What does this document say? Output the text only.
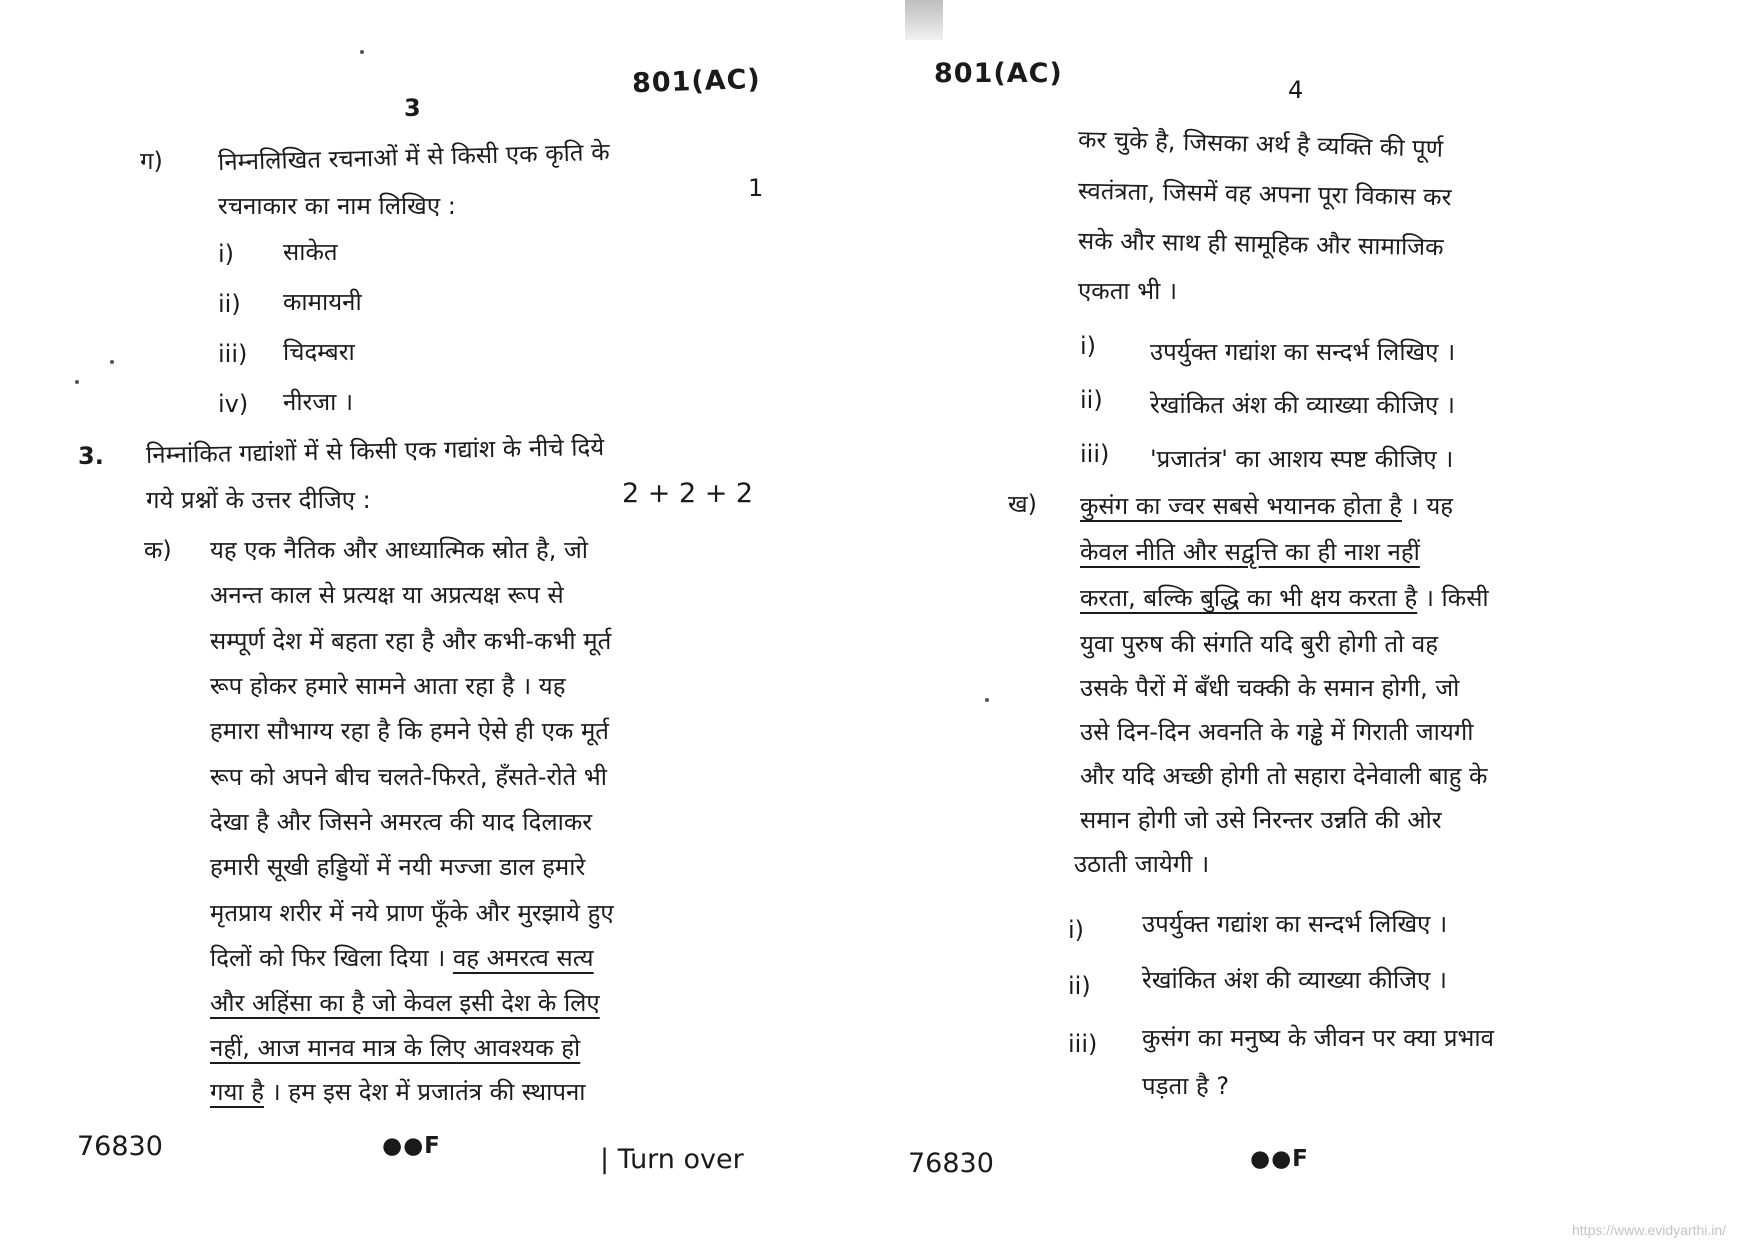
3
801(AC)
ग) निम्नलिखित रचनाओं में से किसी एक कृति के
रचनाकार का नाम लिखिए :
1
i) साकेत
ii) कामायनी
iii) चिदम्बरा
iv) नीरजा ।
3. निम्नांकित गद्यांशों में से किसी एक गद्यांश के नीचे दिये
गये प्रश्नों के उत्तर दीजिए :	2 + 2 + 2
क) यह एक नैतिक और आध्यात्मिक स्रोत है, जो
अनन्त काल से प्रत्यक्ष या अप्रत्यक्ष रूप से
सम्पूर्ण देश में बहता रहा है और कभी-कभी मूर्त
रूप होकर हमारे सामने आता रहा है । यह
हमारा सौभाग्य रहा है कि हमने ऐसे ही एक मूर्त
रूप को अपने बीच चलते-फिरते, हँसते-रोते भी
देखा है और जिसने अमरत्व की याद दिलाकर
हमारी सूखी हड्डियों में नयी मज्जा डाल हमारे
मृतप्राय शरीर में नये प्राण फूँके और मुरझाये हुए
दिलों को फिर खिला दिया । वह अमरत्व सत्य
और अहिंसा का है जो केवल इसी देश के लिए
नहीं, आज मानव मात्र के लिए आवश्यक हो
गया है । हम इस देश में प्रजातंत्र की स्थापना
76830	●●F	| Turn over
801(AC)
4
कर चुके है, जिसका अर्थ है व्यक्ति की पूर्ण
स्वतंत्रता, जिसमें वह अपना पूरा विकास कर
सके और साथ ही सामूहिक और सामाजिक
एकता भी ।
i) उपर्युक्त गद्यांश का सन्दर्भ लिखिए ।
ii) रेखांकित अंश की व्याख्या कीजिए ।
iii) 'प्रजातंत्र' का आशय स्पष्ट कीजिए ।
ख) कुसंग का ज्वर सबसे भयानक होता है । यह
केवल नीति और सद्वृत्ति का ही नाश नहीं
करता, बल्कि बुद्धि का भी क्षय करता है । किसी
युवा पुरुष की संगति यदि बुरी होगी तो वह
उसके पैरों में बँधी चक्की के समान होगी, जो
उसे दिन-दिन अवनति के गड्ढे में गिराती जायगी
और यदि अच्छी होगी तो सहारा देनेवाली बाहु के
समान होगी जो उसे निरन्तर उन्नति की ओर
उठाती जायेगी ।
i) उपर्युक्त गद्यांश का सन्दर्भ लिखिए ।
ii) रेखांकित अंश की व्याख्या कीजिए ।
iii) कुसंग का मनुष्य के जीवन पर क्या प्रभाव
पड़ता है ?
76830	●●F
https://www.evidyarthi.in/
